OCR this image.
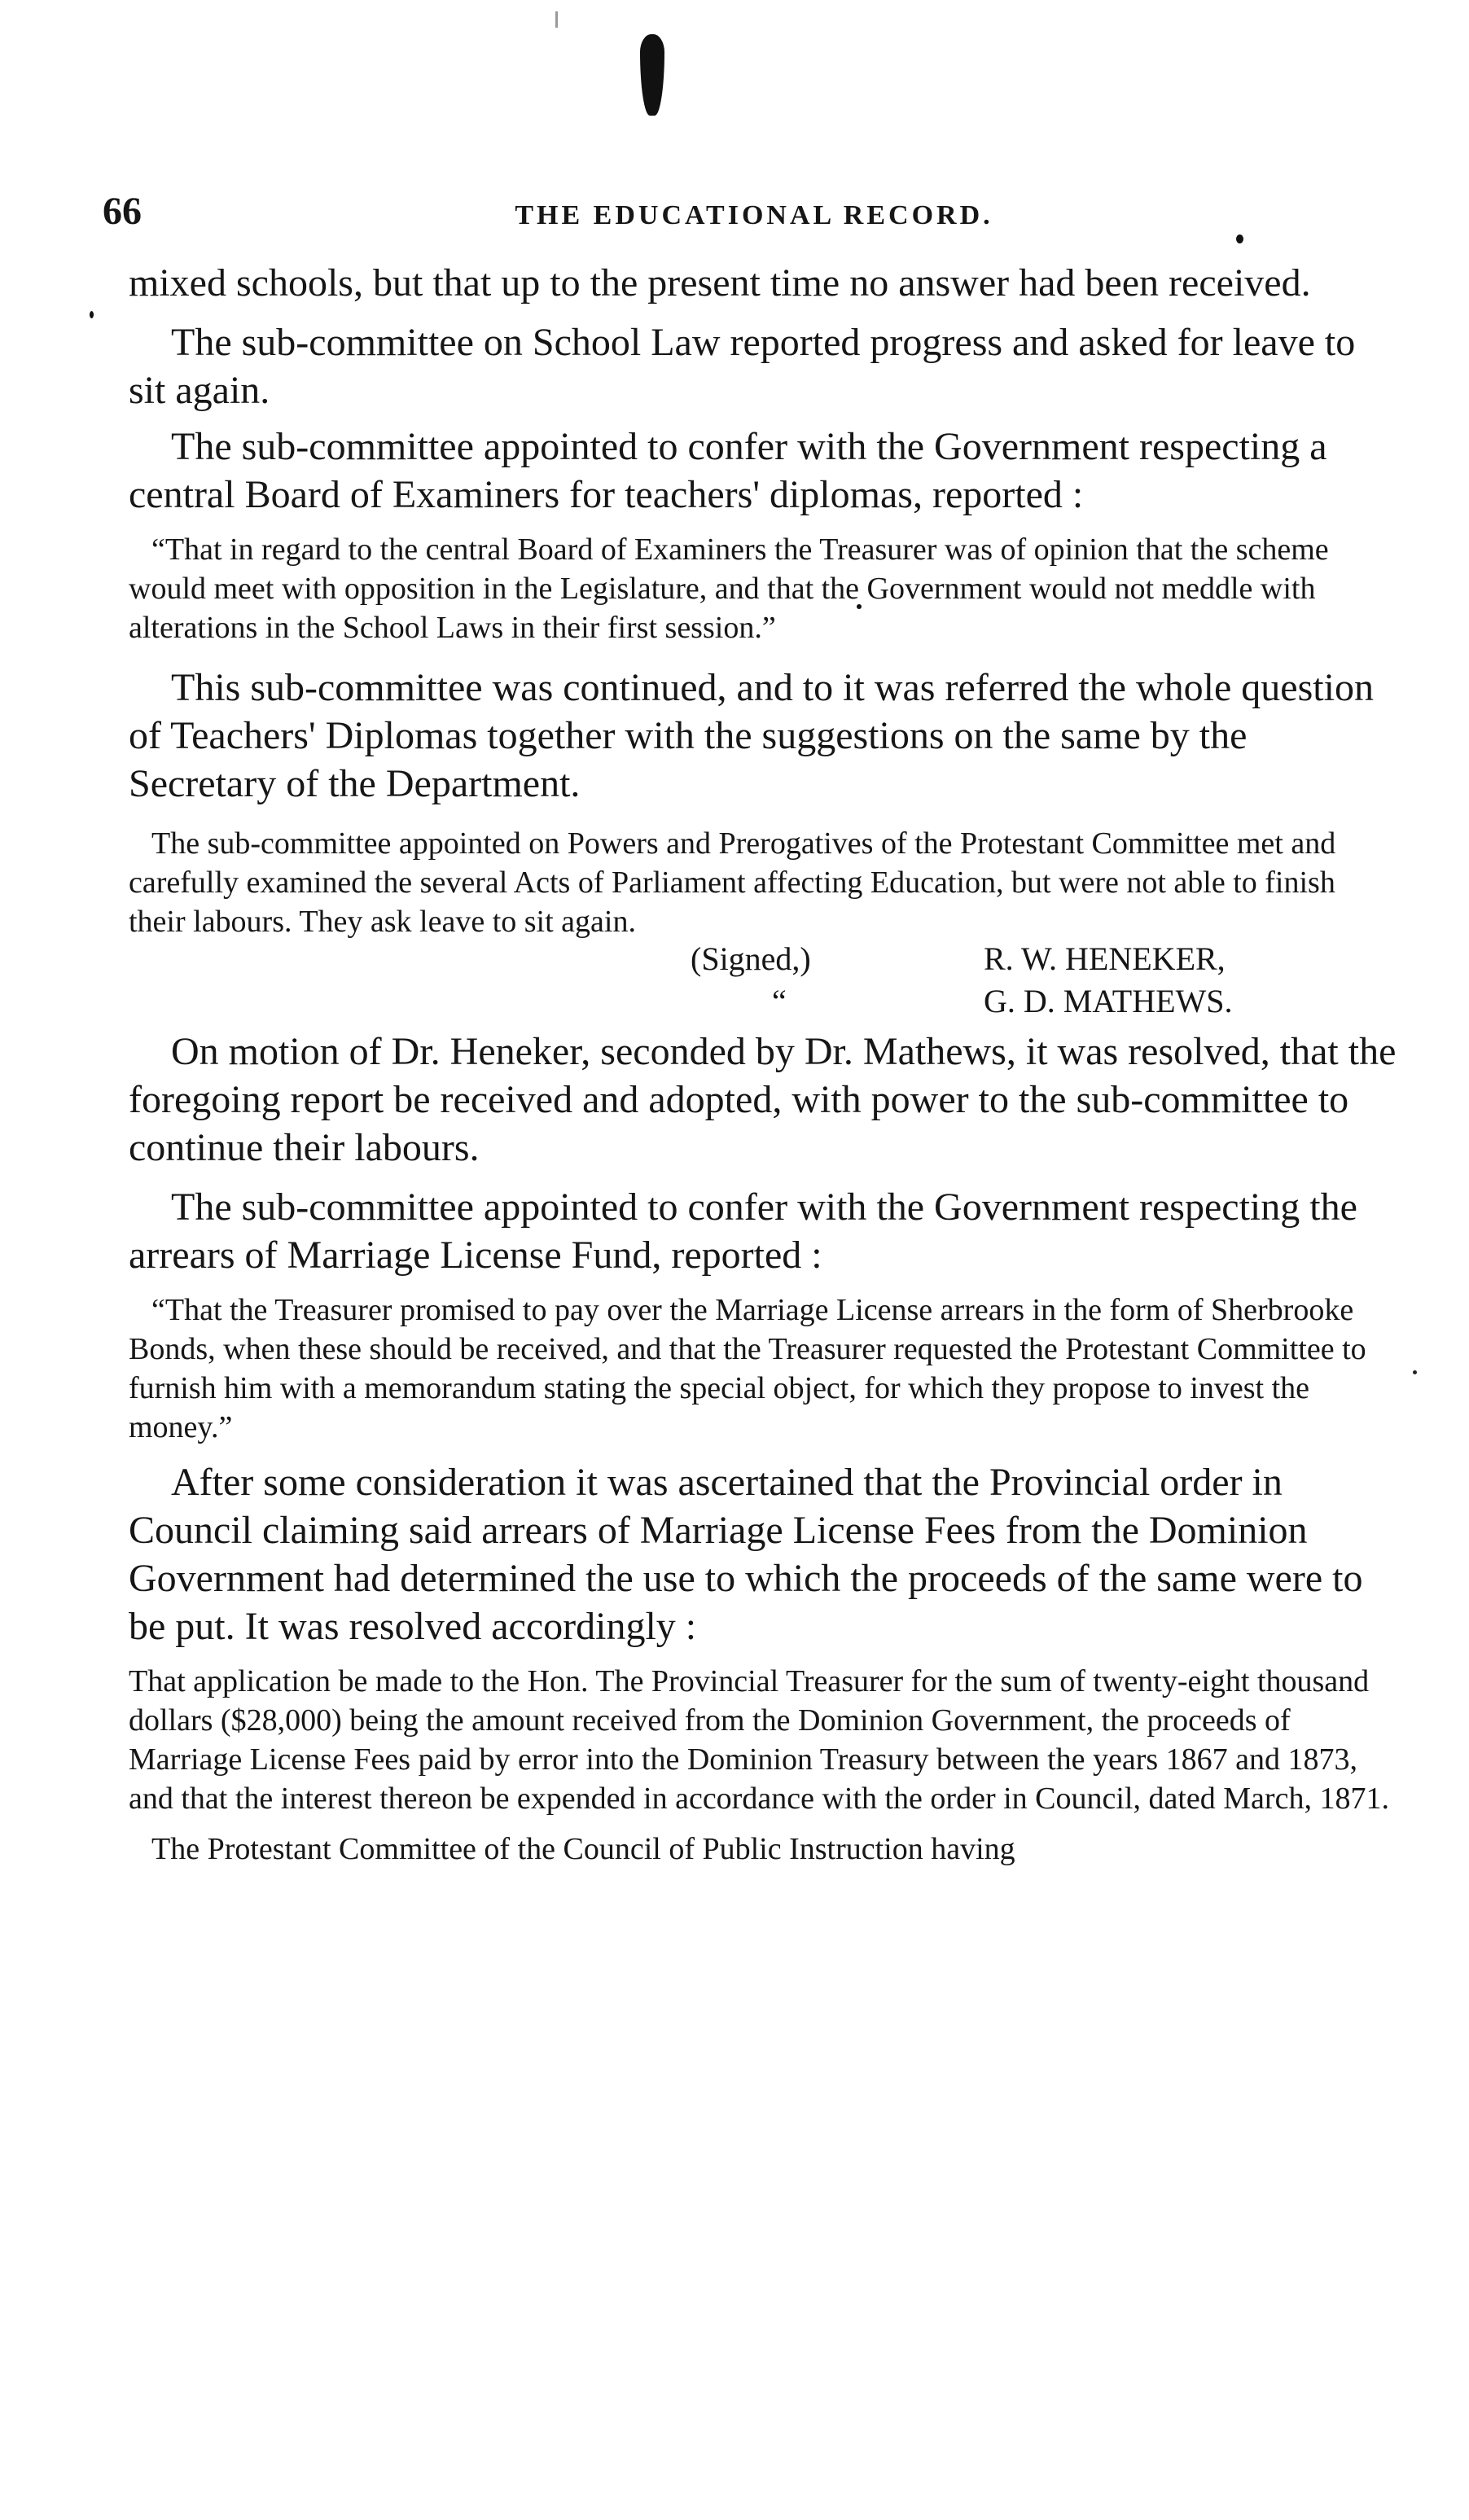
66	THE EDUCATIONAL RECORD.

mixed schools, but that up to the present time no answer had been received.

The sub-committee on School Law reported progress and asked for leave to sit again.

The sub-committee appointed to confer with the Government respecting a central Board of Examiners for teachers' diplomas, reported :

“That in regard to the central Board of Examiners the Treasurer was of opinion that the scheme would meet with opposition in the Legislature, and that the Government would not meddle with alterations in the School Laws in their first session.”

This sub-committee was continued, and to it was referred the whole question of Teachers' Diplomas together with the suggestions on the same by the Secretary of the Department.

The sub-committee appointed on Powers and Prerogatives of the Protestant Committee met and carefully examined the several Acts of Parliament affecting Education, but were not able to finish their labours. They ask leave to sit again.

(Signed,)	R. W. HENEKER,
“	G. D. MATHEWS.

On motion of Dr. Heneker, seconded by Dr. Mathews, it was resolved, that the foregoing report be received and adopted, with power to the sub-committee to continue their labours.

The sub-committee appointed to confer with the Government respecting the arrears of Marriage License Fund, reported :

“That the Treasurer promised to pay over the Marriage License arrears in the form of Sherbrooke Bonds, when these should be received, and that the Treasurer requested the Protestant Committee to furnish him with a memorandum stating the special object, for which they propose to invest the money.”

After some consideration it was ascertained that the Provincial order in Council claiming said arrears of Marriage License Fees from the Dominion Government had determined the use to which the proceeds of the same were to be put. It was resolved accordingly :

That application be made to the Hon. The Provincial Treasurer for the sum of twenty-eight thousand dollars ($28,000) being the amount received from the Dominion Government, the proceeds of Marriage License Fees paid by error into the Dominion Treasury between the years 1867 and 1873, and that the interest thereon be expended in accordance with the order in Council, dated March, 1871.

The Protestant Committee of the Council of Public Instruction having
